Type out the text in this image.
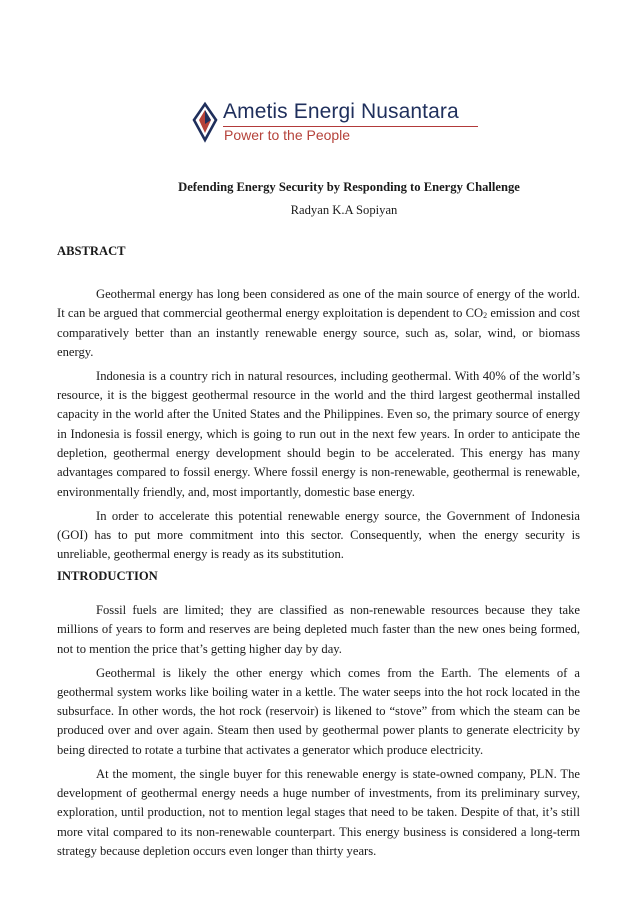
Ametis Energi Nusantara
Power to the People
Defending Energy Security by Responding to Energy Challenge
Radyan K.A Sopiyan
ABSTRACT

Geothermal energy has long been considered as one of the main source of energy of the world. It can be argued that commercial geothermal energy exploitation is dependent to $CO_2$ emission and cost comparatively better than an instantly renewable energy source, such as, solar, wind, or biomass energy.

Indonesia is a country rich in natural resources, including geothermal. With 40% of the world’s resource, it is the biggest geothermal resource in the world and the third largest geothermal installed capacity in the world after the United States and the Philippines. Even so, the primary source of energy in Indonesia is fossil energy, which is going to run out in the next few years. In order to anticipate the depletion, geothermal energy development should begin to be accelerated. This energy has many advantages compared to fossil energy. Where fossil energy is non-renewable, geothermal is renewable, environmentally friendly, and, most importantly, domestic base energy.

In order to accelerate this potential renewable energy source, the Government of Indonesia (GOI) has to put more commitment into this sector. Consequently, when the energy security is unreliable, geothermal energy is ready as its substitution.

INTRODUCTION

Fossil fuels are limited; they are classified as non-renewable resources because they take millions of years to form and reserves are being depleted much faster than the new ones being formed, not to mention the price that’s getting higher day by day.

Geothermal is likely the other energy which comes from the Earth. The elements of a geothermal system works like boiling water in a kettle. The water seeps into the hot rock located in the subsurface. In other words, the hot rock (reservoir) is likened to “stove” from which the steam can be produced over and over again. Steam then used by geothermal power plants to generate electricity by being directed to rotate a turbine that activates a generator which produce electricity.

At the moment, the single buyer for this renewable energy is state-owned company, PLN. The development of geothermal energy needs a huge number of investments, from its preliminary survey, exploration, until production, not to mention legal stages that need to be taken. Despite of that, it’s still more vital compared to its non-renewable counterpart. This energy business is considered a long-term strategy because depletion occurs even longer than thirty years.
